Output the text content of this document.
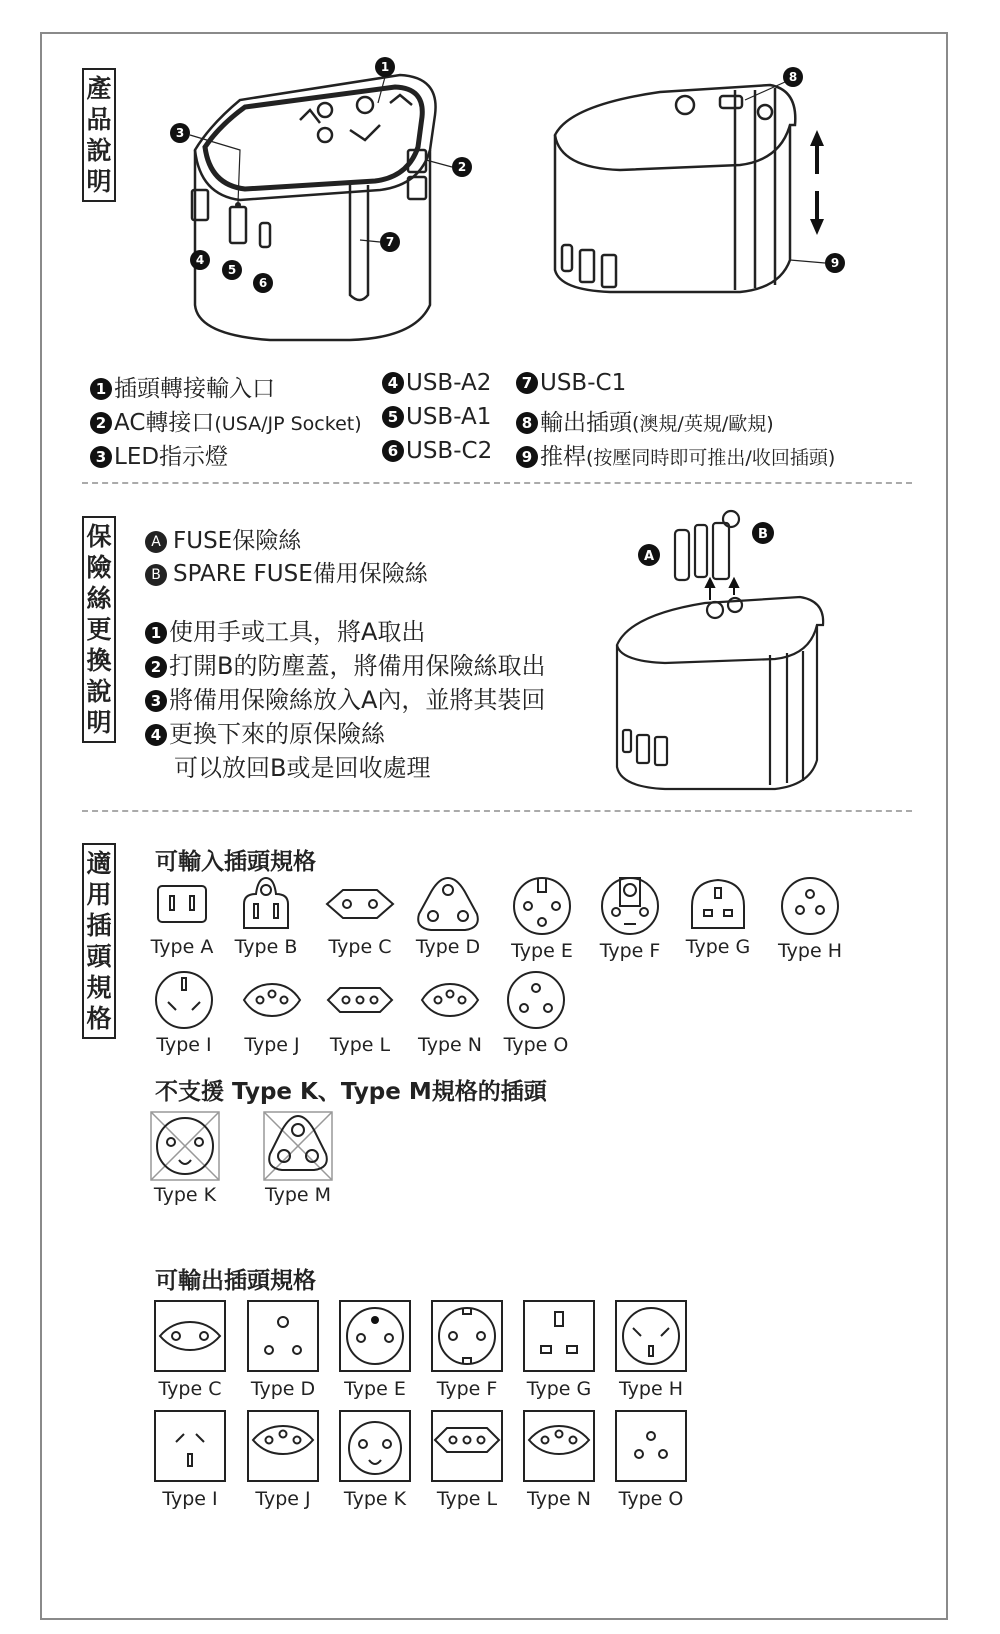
產品說明
1
2
3
4
5
6
7
8
9
1 插頭轉接輸入口
2 AC轉接口(USA/JP Socket)
3 LED指示燈
4 USB-A2
5 USB-A1
6 USB-C2
7 USB-C1
8 輸出插頭(澳規/英規/歐規)
9 推桿(按壓同時即可推出/收回插頭)
保險絲更換說明
A FUSE保險絲
B SPARE FUSE備用保險絲
1 使用手或工具，將A取出
2 打開B的防塵蓋，將備用保險絲取出
3 將備用保險絲放入A內，並將其裝回
4 更換下來的原保險絲
可以放回B或是回收處理
A
B
適用插頭規格
可輸入插頭規格
Type A	Type B	Type C	Type D	Type E	Type F	Type G	Type H
Type I	Type J	Type L	Type N	Type O
不支援 Type K、Type M規格的插頭
Type K	Type M
可輸出插頭規格
Type C	Type D	Type E	Type F	Type G	Type H
Type I	Type J	Type K	Type L	Type N	Type O
